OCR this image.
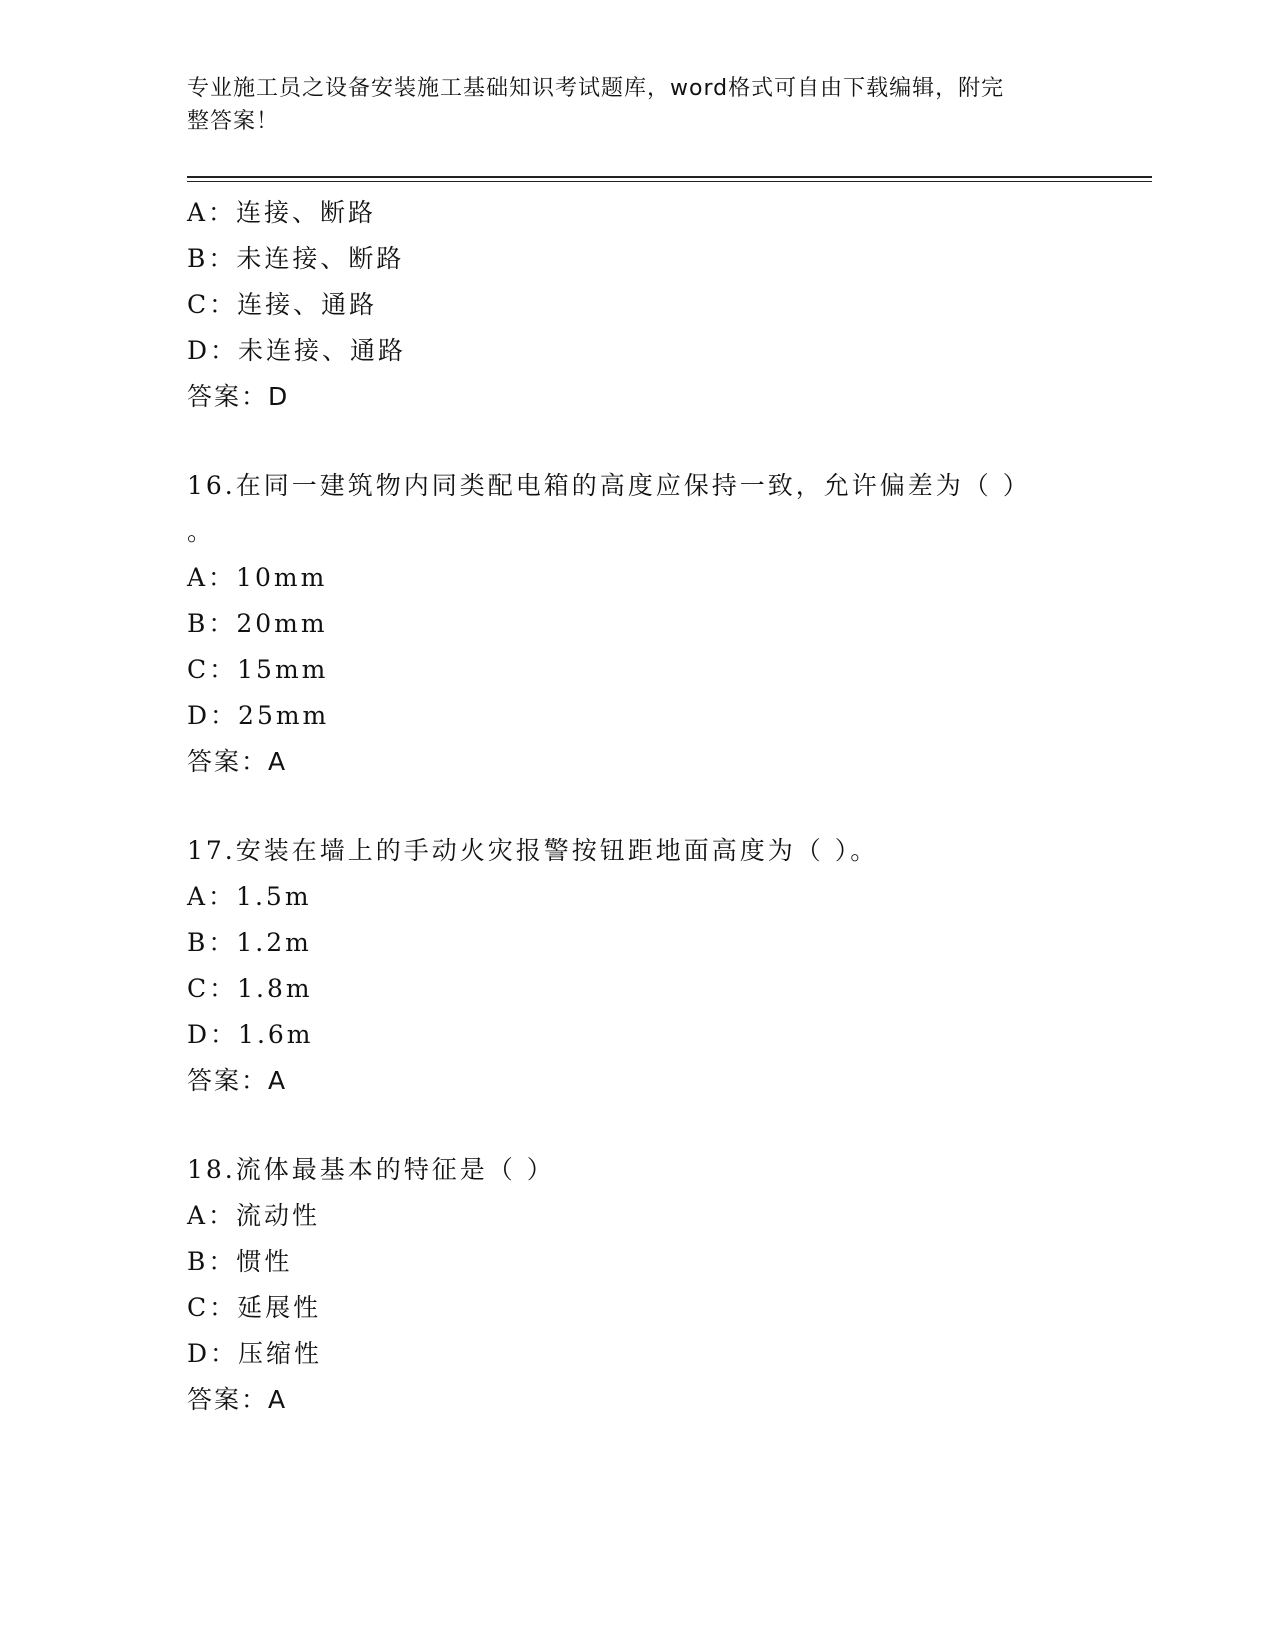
专业施工员之设备安装施工基础知识考试题库，word格式可自由下载编辑，附完
整答案！
A：连接、断路
B：未连接、断路
C：连接、通路
D：未连接、通路
答案：D
16.在同一建筑物内同类配电箱的高度应保持一致，允许偏差为（ ）
。
A：10mm
B：20mm
C：15mm
D：25mm
答案：A
17.安装在墙上的手动火灾报警按钮距地面高度为（ ）。
A：1.5m
B：1.2m
C：1.8m
D：1.6m
答案：A
18.流体最基本的特征是（ ）
A：流动性
B：惯性
C：延展性
D：压缩性
答案：A
